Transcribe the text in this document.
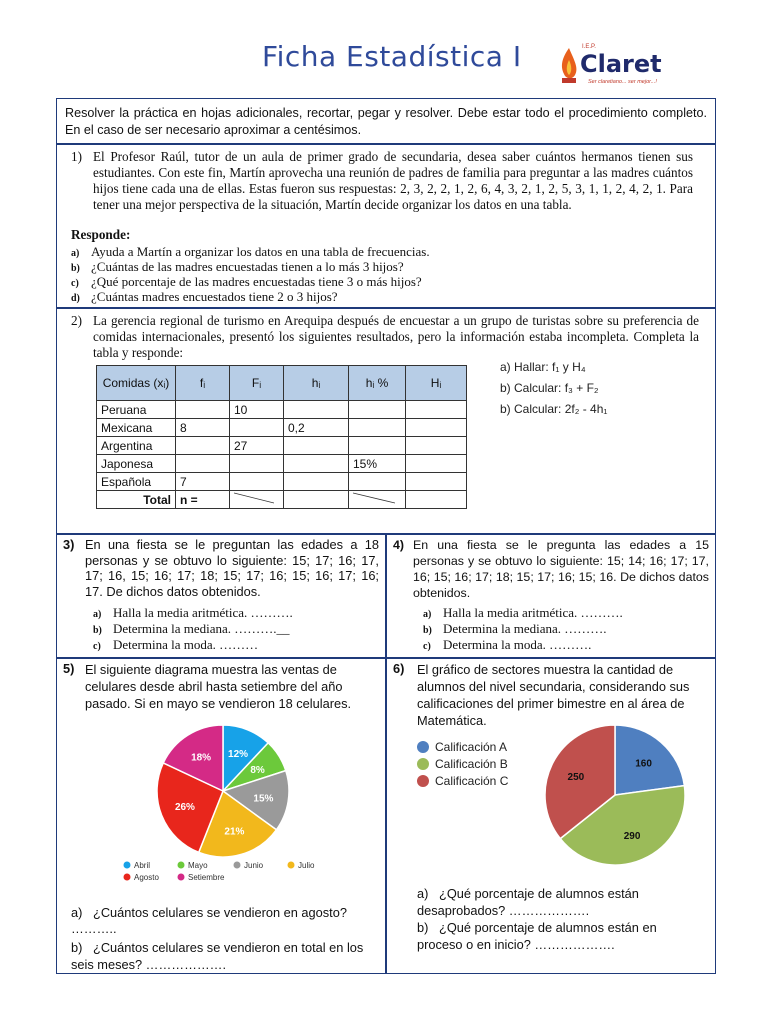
Ficha Estadística I	I.E.P.
Claret
Ser claretiano... ser mejor...!
Resolver la práctica en hojas adicionales, recortar, pegar y resolver. Debe estar todo el procedimiento completo. En el caso de ser necesario aproximar a centésimos.
1) El Profesor Raúl, tutor de un aula de primer grado de secundaria, desea saber cuántos hermanos tienen sus estudiantes. Con este fin, Martín aprovecha una reunión de padres de familia para preguntar a las madres cuántos hijos tiene cada una de ellas. Estas fueron sus respuestas: 2, 3, 2, 2, 1, 2, 6, 4, 3, 2, 1, 2, 5, 3, 1, 1, 2, 4, 2, 1. Para tener una mejor perspectiva de la situación, Martín decide organizar los datos en una tabla.
Responde:
a) Ayuda a Martín a organizar los datos en una tabla de frecuencias.
b) ¿Cuántas de las madres encuestadas tienen a lo más 3 hijos?
c) ¿Qué porcentaje de las madres encuestadas tiene 3 o más hijos?
d) ¿Cuántas madres encuestados tiene 2 o 3 hijos?
2) La gerencia regional de turismo en Arequipa después de encuestar a un grupo de turistas sobre su preferencia de comidas internacionales, presentó los siguientes resultados, pero la información estaba incompleta. Completa la tabla y responde:
Comidas (xᵢ)	fᵢ	Fᵢ	hᵢ	hᵢ %	Hᵢ
Peruana		10			
Mexicana	8		0,2		
Argentina		27			
Japonesa				15%	
Española	7				
Total	n =				
a) Hallar: f₁ y H₄
b) Calcular: f₃ + F₂
b) Calcular: 2f₂ - 4h₁
3) En una fiesta se le preguntan las edades a 18 personas y se obtuvo lo siguiente: 15; 17; 16; 17, 17; 16, 15; 16; 17; 18; 15; 17; 16; 15; 16; 17; 16; 17. De dichos datos obtenidos.
a) Halla la media aritmética. ……….
b) Determina la mediana. ……….__
c) Determina la moda. ………
4) En una fiesta se le pregunta las edades a 15 personas y se obtuvo lo siguiente: 15; 14; 16; 17; 17, 16; 15; 16; 17; 18; 15; 17; 16; 15; 16. De dichos datos obtenidos.
a) Halla la media aritmética. ……….
b) Determina la mediana. ……….
c) Determina la moda. ……….
5) El siguiente diagrama muestra las ventas de celulares desde abril hasta setiembre del año pasado. Si en mayo se vendieron 18 celulares.
12%
8%
15%
21%
26%
18%
Abril	Mayo	Junio	Julio
Agosto	Setiembre
a) ¿Cuántos celulares se vendieron en agosto? ………..
b) ¿Cuántos celulares se vendieron en total en los seis meses? ……………….
6) El gráfico de sectores muestra la cantidad de alumnos del nivel secundaria, considerando sus calificaciones del primer bimestre en al área de Matemática.
160
290
250
Calificación A
Calificación B
Calificación C
a) ¿Qué porcentaje de alumnos están desaprobados? ……………….
b) ¿Qué porcentaje de alumnos están en proceso o en inicio? ……………….
